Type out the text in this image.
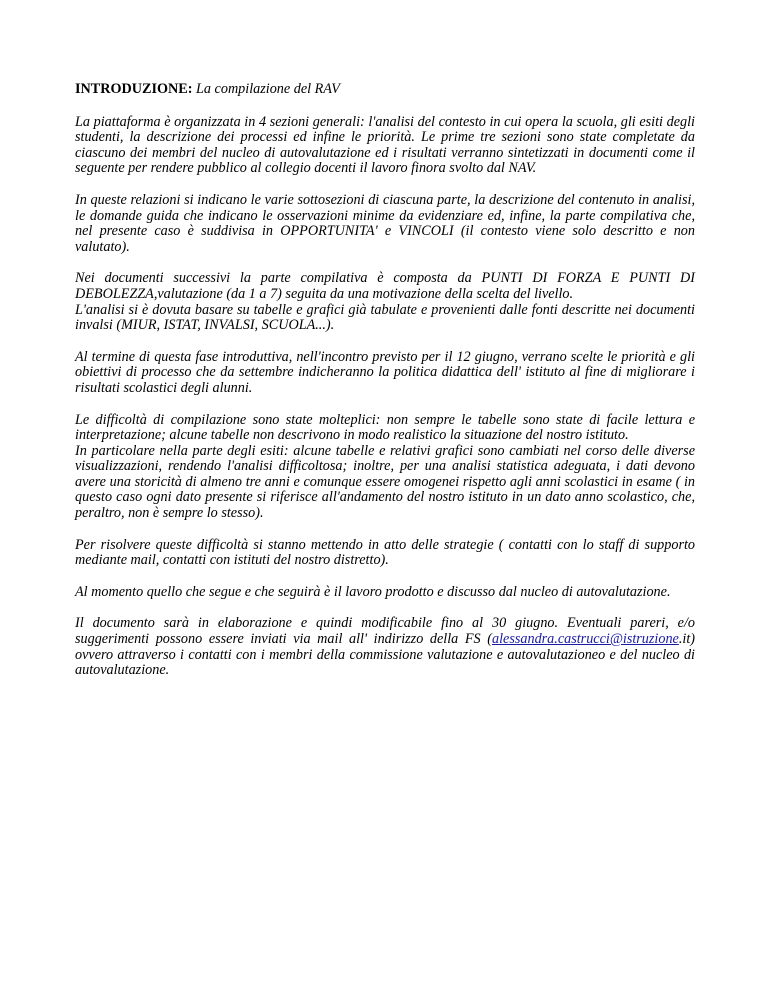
INTRODUZIONE: La compilazione del RAV

La piattaforma è organizzata in 4 sezioni generali: l'analisi del contesto in cui opera la scuola, gli esiti degli studenti, la descrizione dei processi ed infine le priorità. Le prime tre sezioni sono state completate da ciascuno dei membri del nucleo di autovalutazione ed i risultati verranno sintetizzati in documenti come il seguente per rendere pubblico al collegio docenti il lavoro finora svolto dal NAV.

In queste relazioni si indicano le varie sottosezioni di ciascuna parte, la descrizione del contenuto in analisi, le domande guida che indicano le osservazioni minime da evidenziare ed, infine, la parte compilativa che, nel presente caso è suddivisa in OPPORTUNITA' e VINCOLI (il contesto viene solo descritto e non valutato).

Nei documenti successivi la parte compilativa è composta da PUNTI DI FORZA E PUNTI DI DEBOLEZZA,valutazione (da 1 a 7) seguita da una motivazione della scelta del livello.
L'analisi si è dovuta basare su tabelle e grafici già tabulate e provenienti dalle fonti descritte nei documenti invalsi (MIUR, ISTAT, INVALSI, SCUOLA...).

Al termine di questa fase introduttiva, nell'incontro previsto per il 12 giugno, verrano scelte le priorità e gli obiettivi di processo che da settembre indicheranno la politica didattica dell' istituto al fine di migliorare i risultati scolastici degli alunni.

Le difficoltà di compilazione sono state molteplici: non sempre le tabelle sono state di facile lettura e interpretazione; alcune tabelle non descrivono in modo realistico la situazione del nostro istituto.
In particolare nella parte degli esiti: alcune tabelle e relativi grafici sono cambiati nel corso delle diverse visualizzazioni, rendendo l'analisi difficoltosa; inoltre, per una analisi statistica adeguata, i dati devono avere una storicità di almeno tre anni e comunque essere omogenei rispetto agli anni scolastici in esame ( in questo caso ogni dato presente si riferisce all'andamento del nostro istituto in un dato anno scolastico, che, peraltro, non è sempre lo stesso).

Per risolvere queste difficoltà si stanno mettendo in atto delle strategie ( contatti con lo staff di supporto mediante mail, contatti con istituti del nostro distretto).

Al momento quello che segue e che seguirà è il lavoro prodotto e discusso dal nucleo di autovalutazione.

Il documento sarà in elaborazione e quindi modificabile fino al 30 giugno. Eventuali pareri, e/o suggerimenti possono essere inviati via mail all' indirizzo della FS (alessandra.castrucci@istruzione.it) ovvero attraverso i contatti con i membri della commissione valutazione e autovalutazioneo e del nucleo di autovalutazione.
